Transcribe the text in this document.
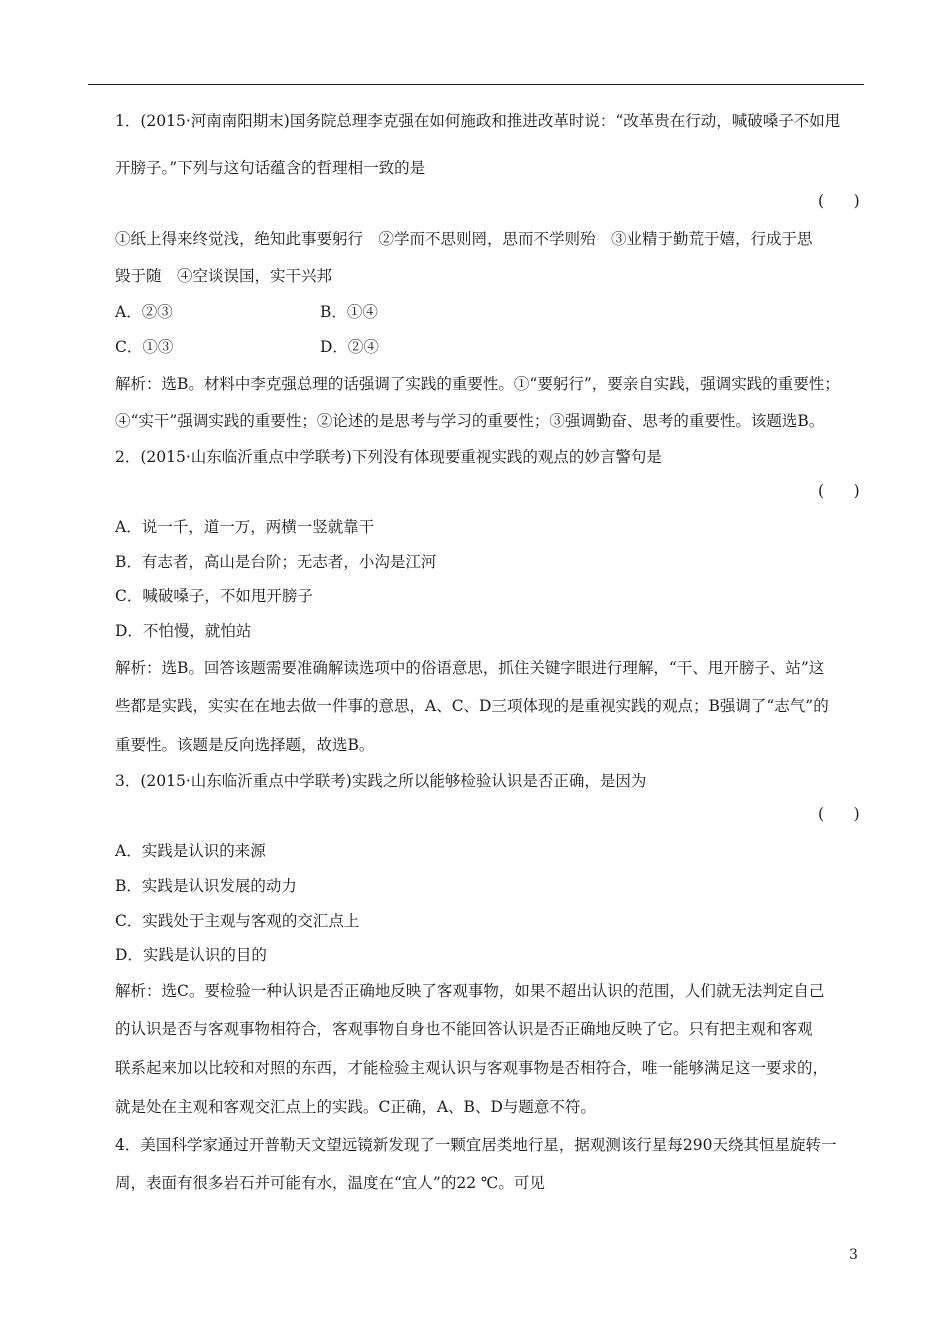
1．(2015·河南南阳期末)国务院总理李克强在如何施政和推进改革时说：“改革贵在行动，喊破嗓子不如甩
开膀子。”下列与这句话蕴含的哲理相一致的是
(      )
①纸上得来终觉浅，绝知此事要躬行　②学而不思则罔，思而不学则殆　③业精于勤荒于嬉，行成于思
毁于随　④空谈误国，实干兴邦
A．②③	B．①④
C．①③	D．②④
解析：选B。材料中李克强总理的话强调了实践的重要性。①“要躬行”，要亲自实践，强调实践的重要性；
④“实干”强调实践的重要性；②论述的是思考与学习的重要性；③强调勤奋、思考的重要性。该题选B。
2．(2015·山东临沂重点中学联考)下列没有体现要重视实践的观点的妙言警句是
(      )
A．说一千，道一万，两横一竖就靠干
B．有志者，高山是台阶；无志者，小沟是江河
C．喊破嗓子，不如甩开膀子
D．不怕慢，就怕站
解析：选B。回答该题需要准确解读选项中的俗语意思，抓住关键字眼进行理解，“干、甩开膀子、站”这
些都是实践，实实在在地去做一件事的意思，A、C、D三项体现的是重视实践的观点；B强调了“志气”的
重要性。该题是反向选择题，故选B。
3．(2015·山东临沂重点中学联考)实践之所以能够检验认识是否正确，是因为
(      )
A．实践是认识的来源
B．实践是认识发展的动力
C．实践处于主观与客观的交汇点上
D．实践是认识的目的
解析：选C。要检验一种认识是否正确地反映了客观事物，如果不超出认识的范围，人们就无法判定自己
的认识是否与客观事物相符合，客观事物自身也不能回答认识是否正确地反映了它。只有把主观和客观
联系起来加以比较和对照的东西，才能检验主观认识与客观事物是否相符合，唯一能够满足这一要求的，
就是处在主观和客观交汇点上的实践。C正确，A、B、D与题意不符。
4．美国科学家通过开普勒天文望远镜新发现了一颗宜居类地行星，据观测该行星每290天绕其恒星旋转一
周，表面有很多岩石并可能有水，温度在“宜人”的22 ℃。可见
3
